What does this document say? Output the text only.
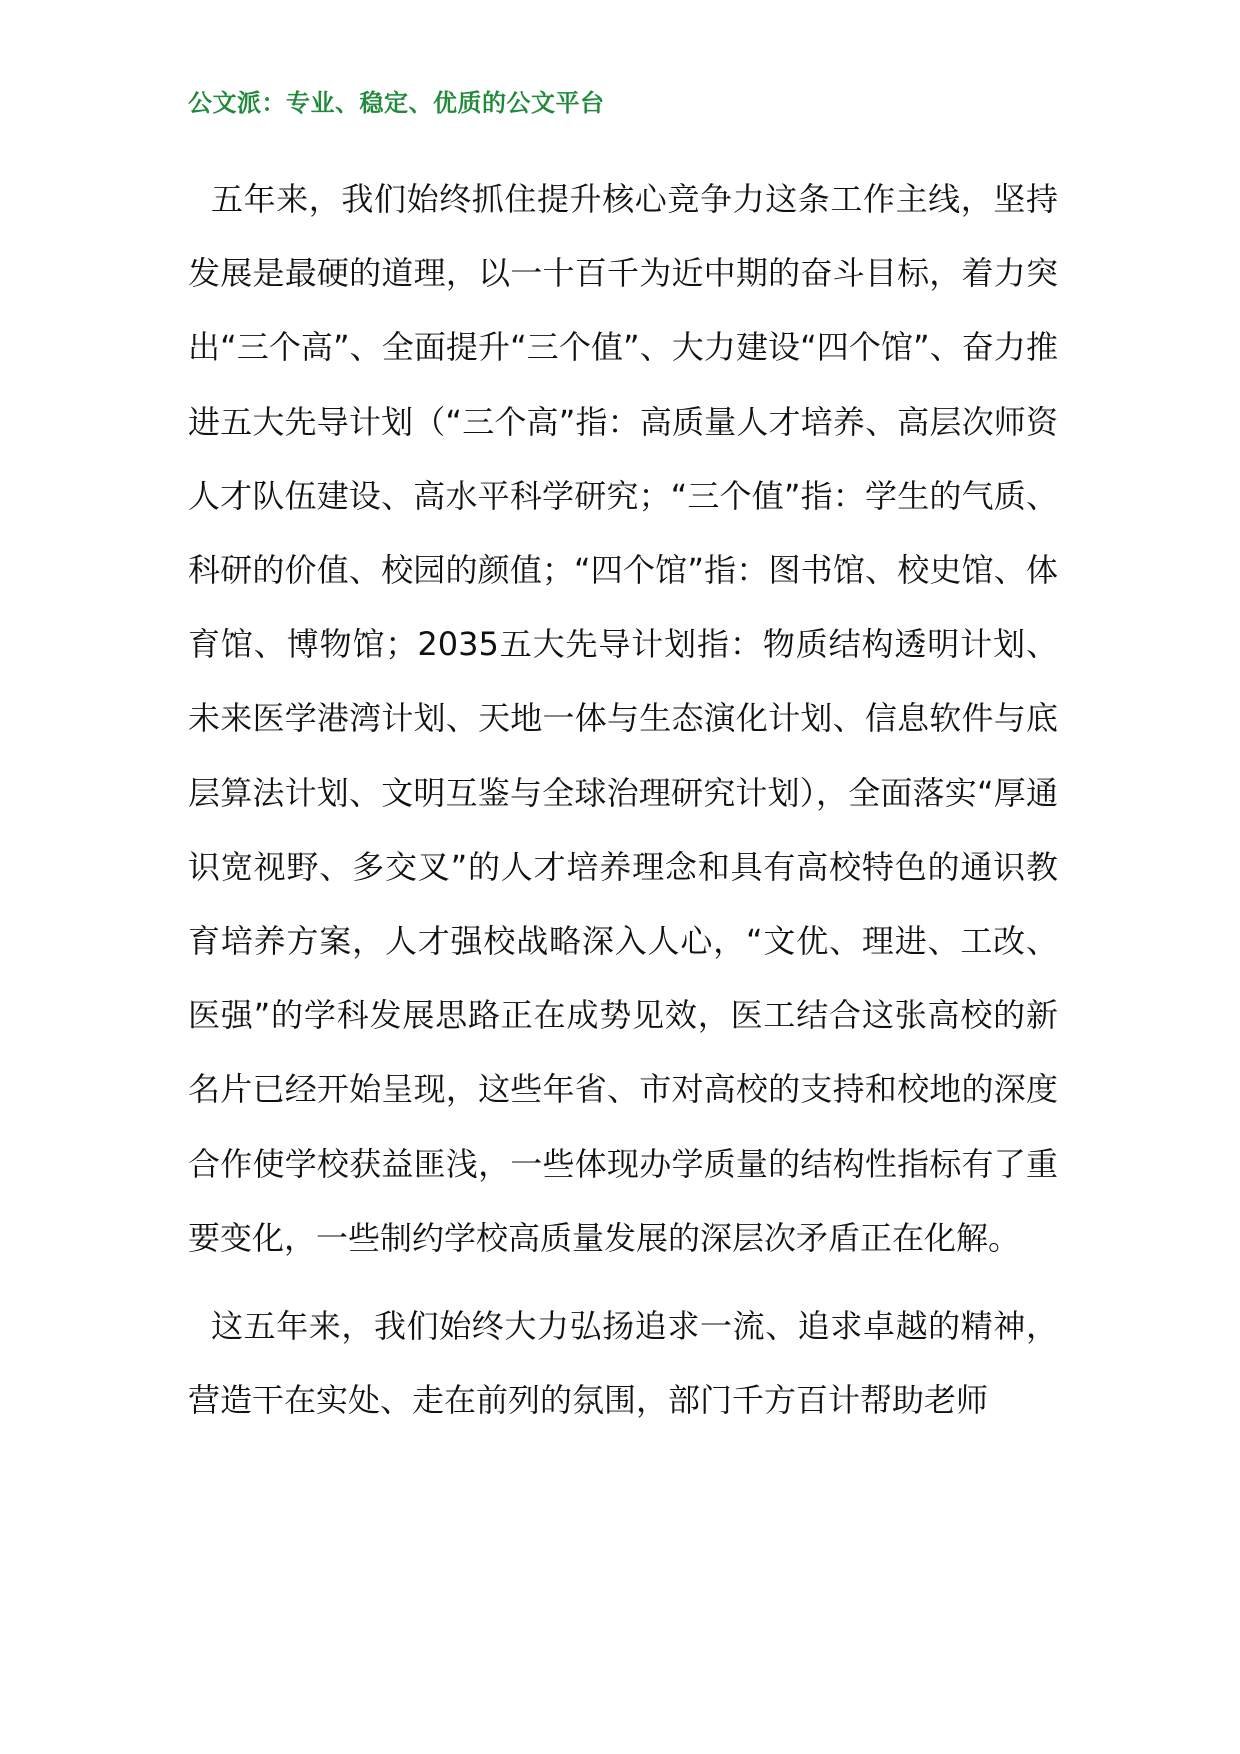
公文派：专业、稳定、优质的公文平台

五年来，我们始终抓住提升核心竞争力这条工作主线，坚持发展是最硬的道理，以一十百千为近中期的奋斗目标，着力突出“三个高”、全面提升“三个值”、大力建设“四个馆”、奋力推进五大先导计划（“三个高”指：高质量人才培养、高层次师资人才队伍建设、高水平科学研究；“三个值”指：学生的气质、科研的价值、校园的颜值；“四个馆”指：图书馆、校史馆、体育馆、博物馆；2035五大先导计划指：物质结构透明计划、未来医学港湾计划、天地一体与生态演化计划、信息软件与底层算法计划、文明互鉴与全球治理研究计划），全面落实“厚通识宽视野、多交叉”的人才培养理念和具有高校特色的通识教育培养方案，人才强校战略深入人心，“文优、理进、工改、医强”的学科发展思路正在成势见效，医工结合这张高校的新名片已经开始呈现，这些年省、市对高校的支持和校地的深度合作使学校获益匪浅，一些体现办学质量的结构性指标有了重要变化，一些制约学校高质量发展的深层次矛盾正在化解。

这五年来，我们始终大力弘扬追求一流、追求卓越的精神，营造干在实处、走在前列的氛围，部门千方百计帮助老师
